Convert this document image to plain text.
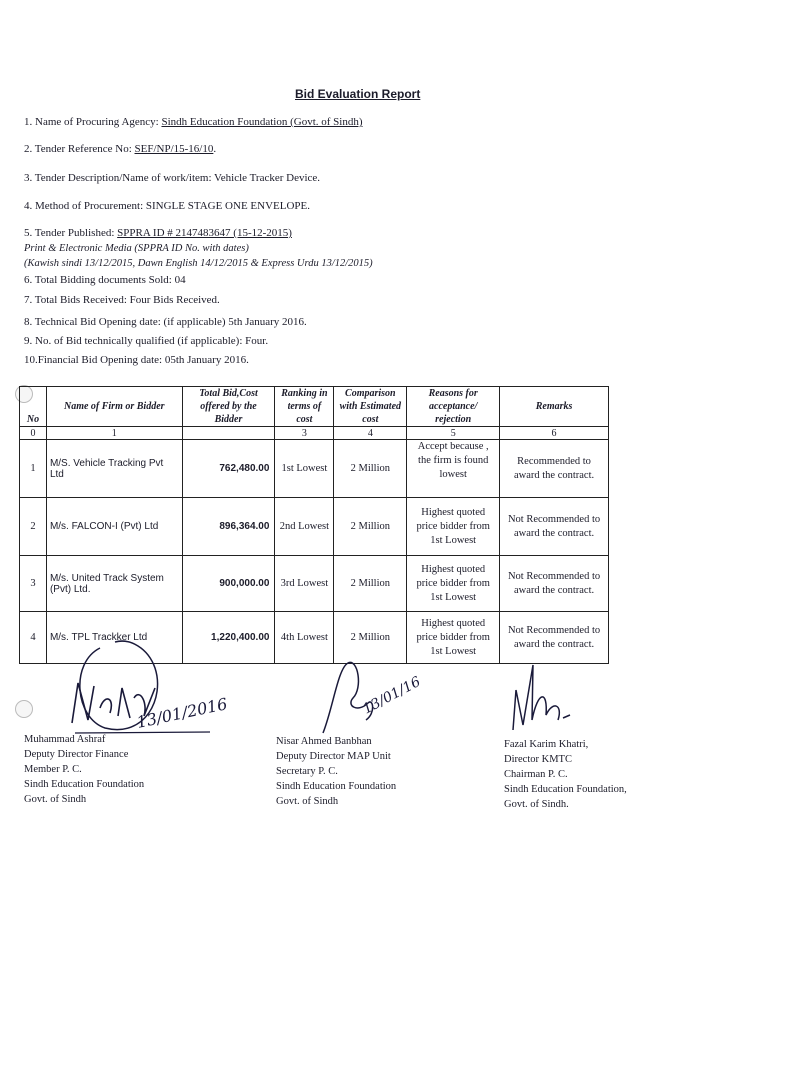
Bid Evaluation Report
1. Name of Procuring Agency: Sindh Education Foundation (Govt. of Sindh)
2. Tender Reference No: SEF/NP/15-16/10.
3. Tender Description/Name of work/item: Vehicle Tracker Device.
4. Method of Procurement: SINGLE STAGE ONE ENVELOPE.
5. Tender Published: SPPRA ID # 2147483647 (15-12-2015)
Print & Electronic Media (SPPRA ID No. with dates)
(Kawish sindi 13/12/2015, Dawn English 14/12/2015 & Express Urdu 13/12/2015)
6. Total Bidding documents Sold: 04
7. Total Bids Received: Four Bids Received.
8. Technical Bid Opening date: (if applicable) 5th January 2016.
9. No. of Bid technically qualified (if applicable): Four.
10.Financial Bid Opening date: 05th January 2016.
No	Name of Firm or Bidder	Total Bid,Cost offered by the Bidder	Ranking in terms of cost	Comparison with Estimated cost	Reasons for acceptance/ rejection	Remarks
0	1		3	4	5	6
1	M/S. Vehicle Tracking Pvt Ltd	762,480.00	1st Lowest	2 Million	Accept because , the firm is found lowest	Recommended to award the contract.
2	M/s. FALCON-I (Pvt) Ltd	896,364.00	2nd Lowest	2 Million	Highest quoted price bidder from 1st Lowest	Not Recommended to award the contract.
3	M/s. United Track System (Pvt) Ltd.	900,000.00	3rd Lowest	2 Million	Highest quoted price bidder from 1st Lowest	Not Recommended to award the contract.
4	M/s. TPL Trackker Ltd	1,220,400.00	4th Lowest	2 Million	Highest quoted price bidder from 1st Lowest	Not Recommended to award the contract.
13/01/2016	13/01/16
Muhammad Ashraf
Deputy Director Finance
Member P. C.
Sindh Education Foundation
Govt. of Sindh
Nisar Ahmed Banbhan
Deputy Director MAP Unit
Secretary P. C.
Sindh Education Foundation
Govt. of Sindh
Fazal Karim Khatri,
Director KMTC
Chairman P. C.
Sindh Education Foundation,
Govt. of Sindh.
